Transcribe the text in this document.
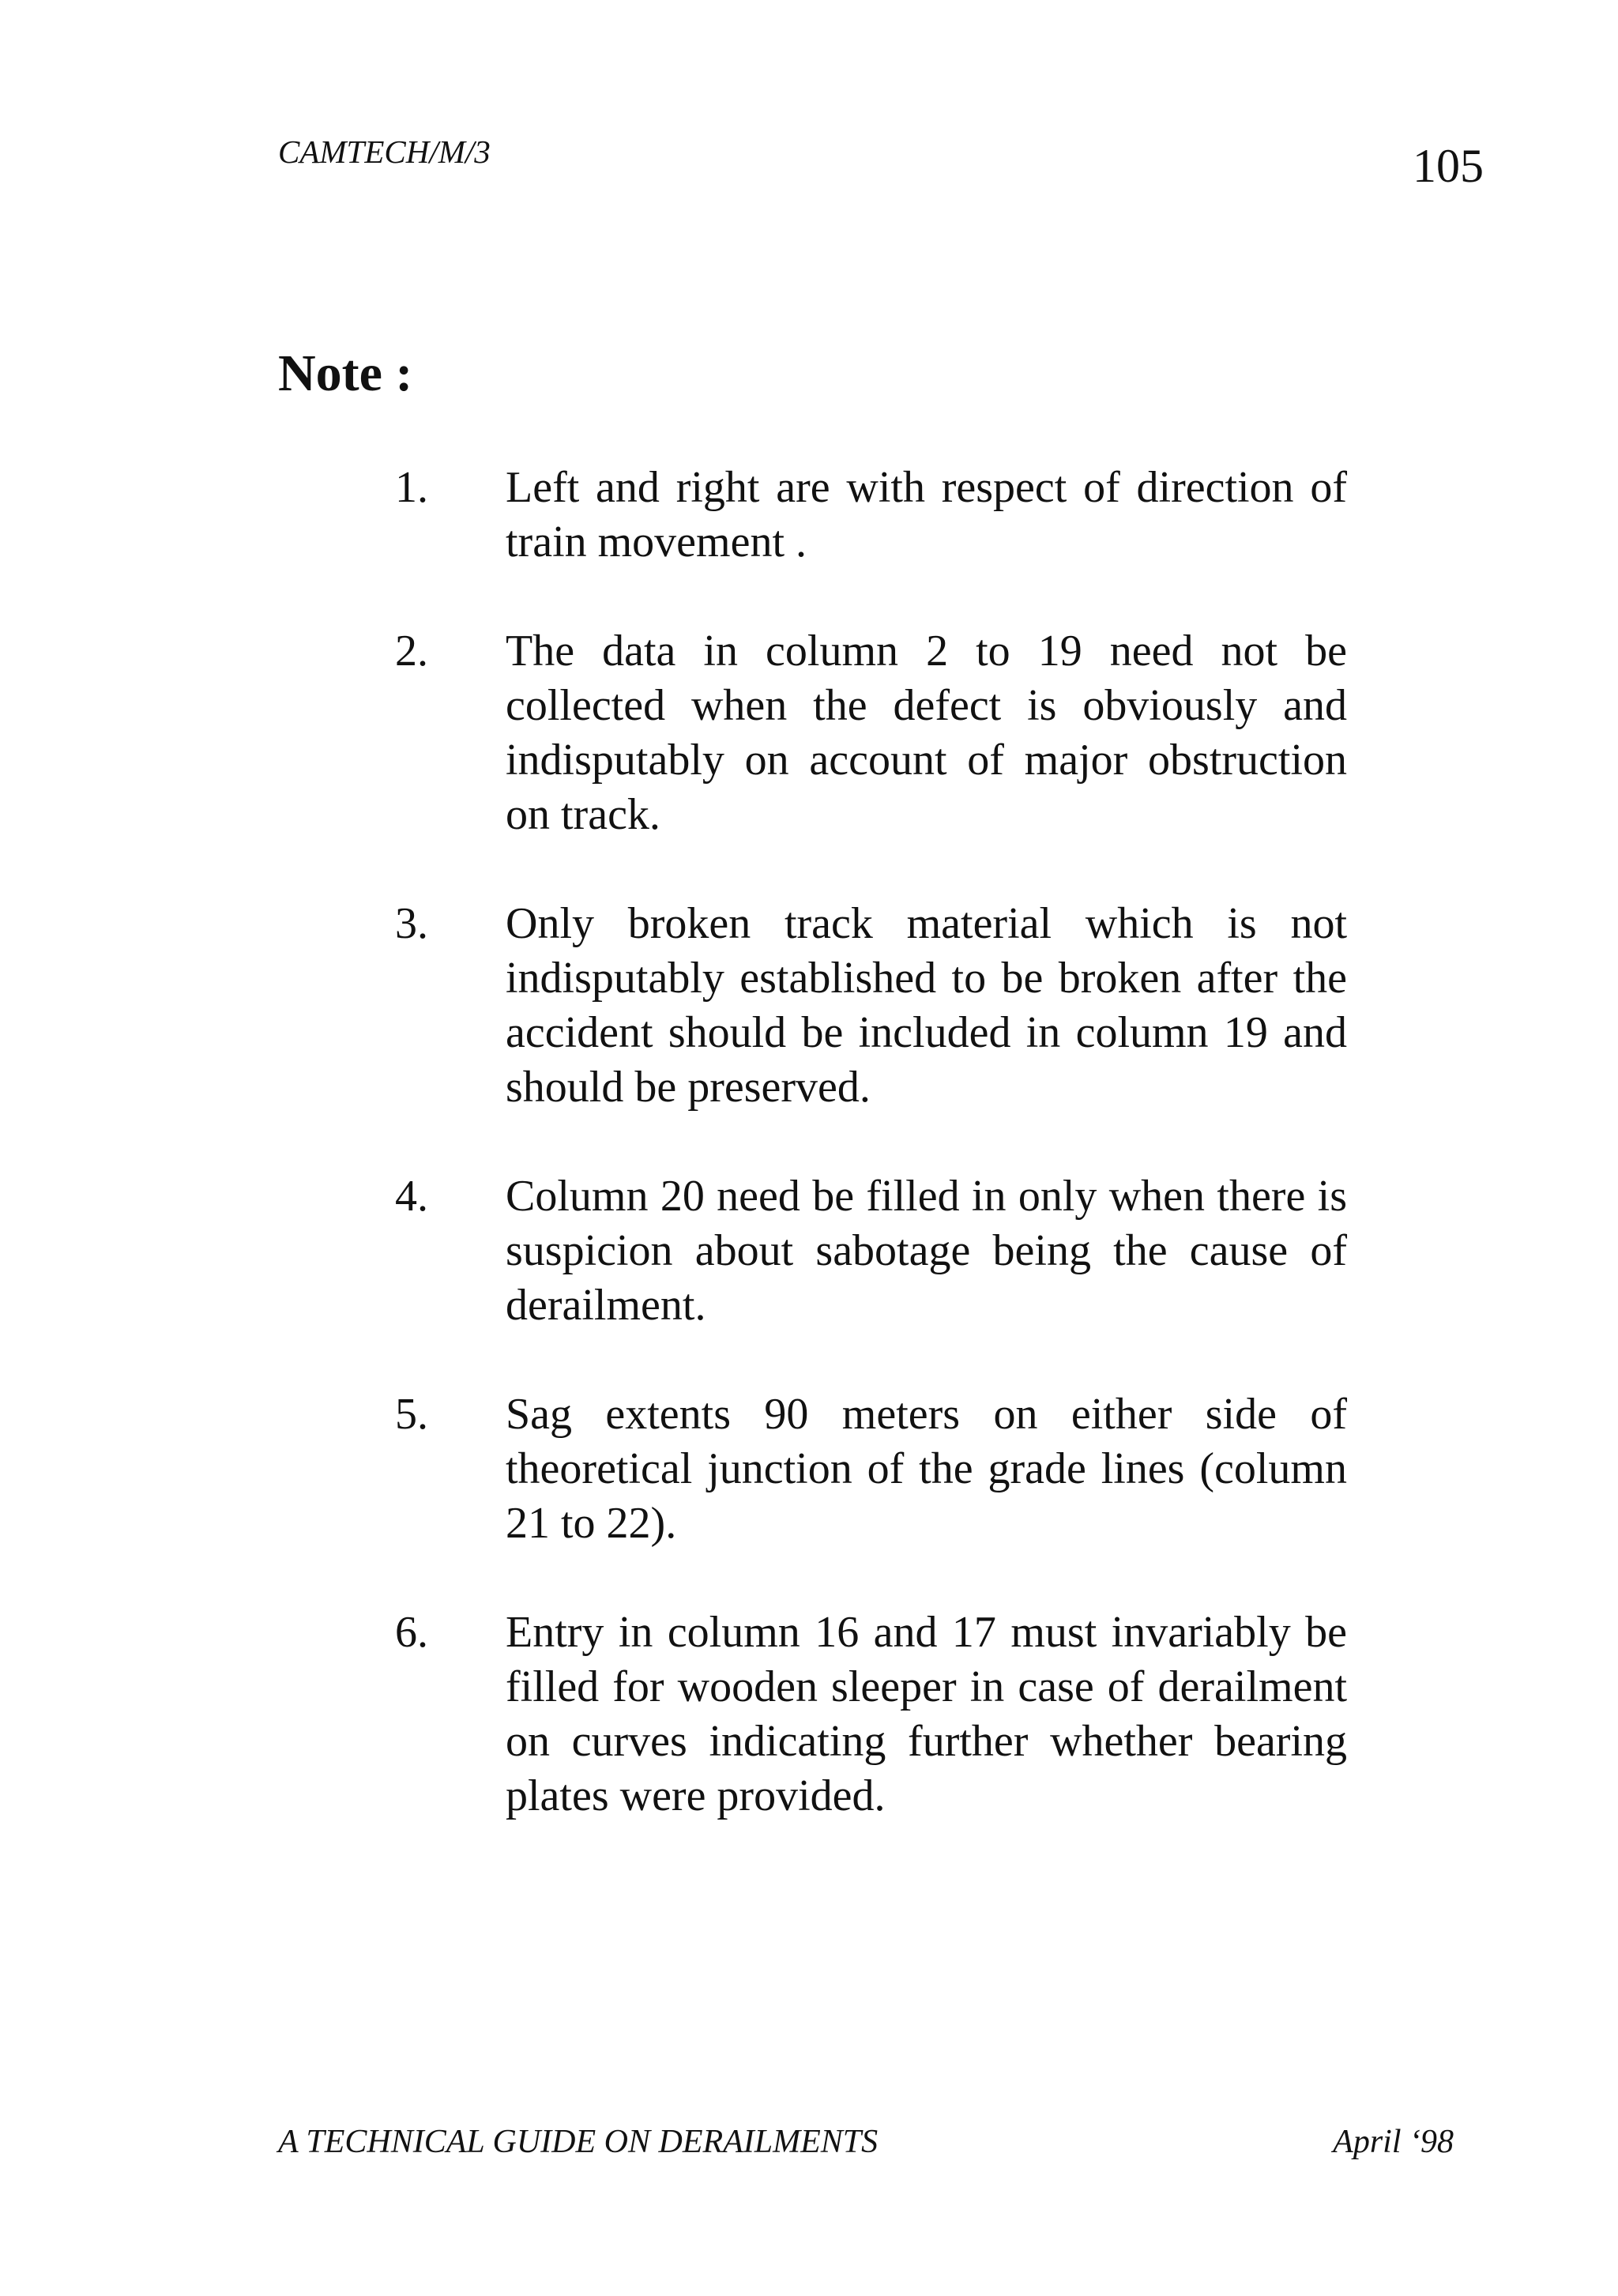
CAMTECH/M/3	105
Note :
1. Left and right are with respect of direction of train movement .
2. The data in column 2 to 19 need not be collected when the defect is obviously and indisputably on account of major obstruction on track.
3. Only broken track material which is not indisputably established to be broken after the accident should be included in column 19 and should be preserved.
4. Column 20 need be filled in only when there is suspicion about sabotage being the cause of derailment.
5. Sag extents 90 meters on either side of theoretical junction of the grade lines (column 21 to 22).
6. Entry in column 16 and 17 must invariably be filled for wooden sleeper in case of derailment on curves indicating further whether bearing plates were provided.
A TECHNICAL GUIDE ON DERAILMENTS	April ‘98
